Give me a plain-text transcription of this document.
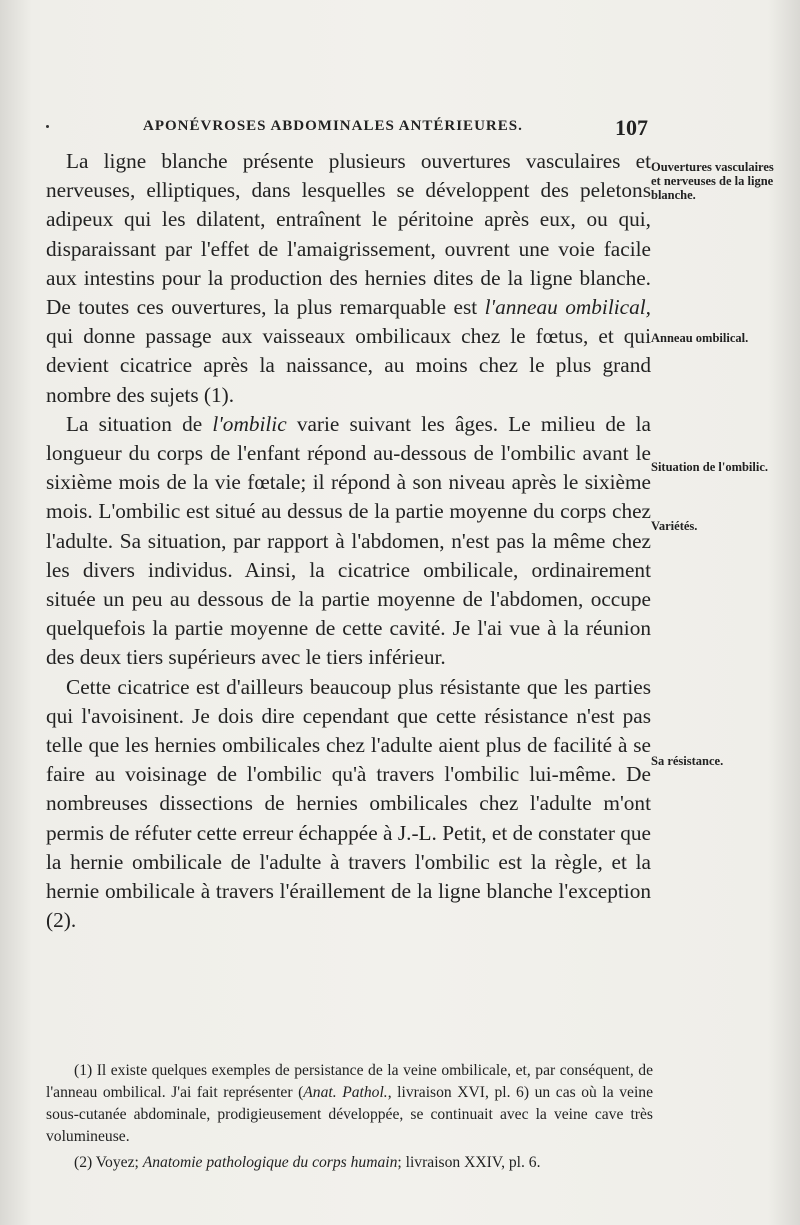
APONÉVROSES ABDOMINALES ANTÉRIEURES.	107

La ligne blanche présente plusieurs ouvertures vasculaires et nerveuses, elliptiques, dans lesquelles se développent des peletons adipeux qui les dilatent, entraînent le péritoine après eux, ou qui, disparaissant par l'effet de l'amaigrissement, ouvrent une voie facile aux intestins pour la production des hernies dites de la ligne blanche. De toutes ces ouvertures, la plus remarquable est l'anneau ombilical, qui donne passage aux vaisseaux ombilicaux chez le fœtus, et qui devient cicatrice après la naissance, au moins chez le plus grand nombre des sujets (1).

La situation de l'ombilic varie suivant les âges. Le milieu de la longueur du corps de l'enfant répond au-dessous de l'ombilic avant le sixième mois de la vie fœtale; il répond à son niveau après le sixième mois. L'ombilic est situé au dessus de la partie moyenne du corps chez l'adulte. Sa situation, par rapport à l'abdomen, n'est pas la même chez les divers individus. Ainsi, la cicatrice ombilicale, ordinairement située un peu au dessous de la partie moyenne de l'abdomen, occupe quelquefois la partie moyenne de cette cavité. Je l'ai vue à la réunion des deux tiers supérieurs avec le tiers inférieur.

Cette cicatrice est d'ailleurs beaucoup plus résistante que les parties qui l'avoisinent. Je dois dire cependant que cette résistance n'est pas telle que les hernies ombilicales chez l'adulte aient plus de facilité à se faire au voisinage de l'ombilic qu'à travers l'ombilic lui-même. De nombreuses dissections de hernies ombilicales chez l'adulte m'ont permis de réfuter cette erreur échappée à J.-L. Petit, et de constater que la hernie ombilicale de l'adulte à travers l'ombilic est la règle, et la hernie ombilicale à travers l'éraillement de la ligne blanche l'exception (2).

Ouvertures vasculaires et nerveuses de la ligne blanche.
Anneau ombilical.
Situation de l'ombilic.
Variétés.
Sa résistance.

(1) Il existe quelques exemples de persistance de la veine ombilicale, et, par conséquent, de l'anneau ombilical. J'ai fait représenter (Anat. Pathol., livraison XVI, pl. 6) un cas où la veine sous-cutanée abdominale, prodigieusement développée, se continuait avec la veine cave très volumineuse.

(2) Voyez; Anatomie pathologique du corps humain; livraison XXIV, pl. 6.
